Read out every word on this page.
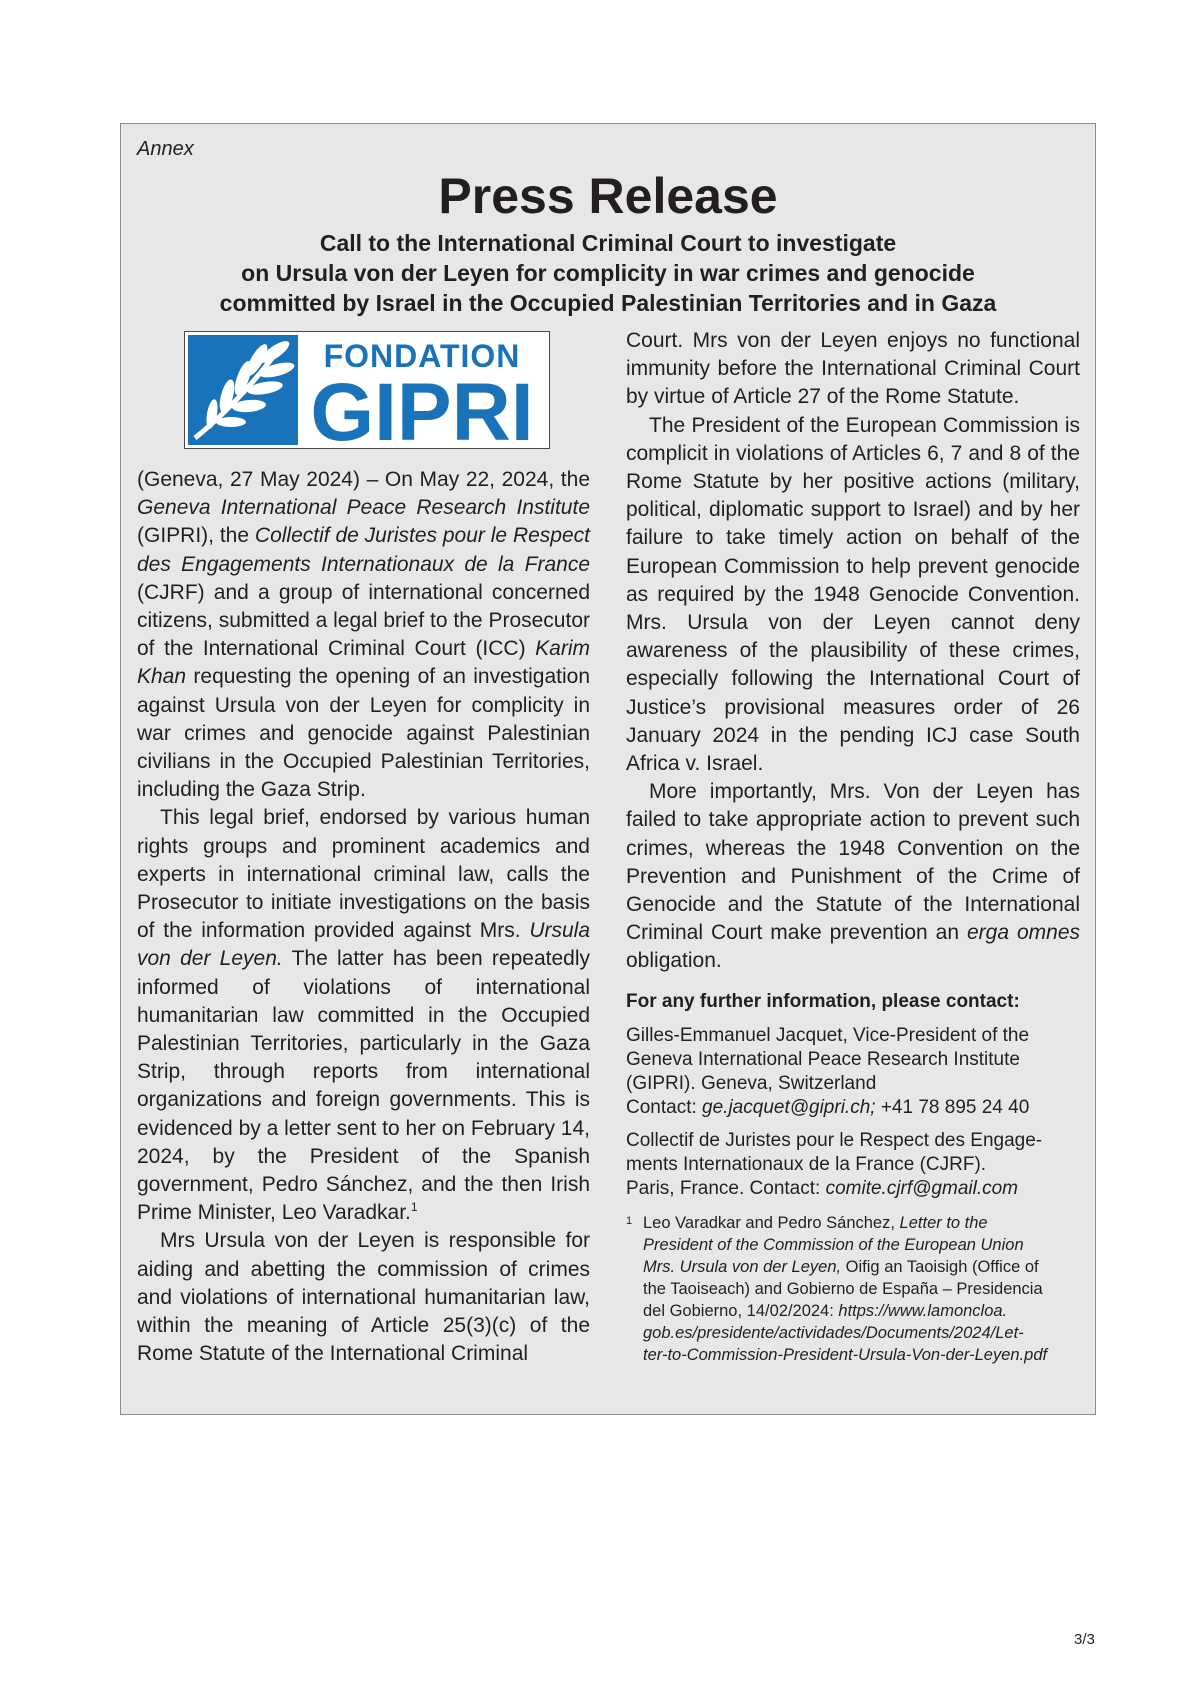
Annex
Press Release
Call to the International Criminal Court to investigate
on Ursula von der Leyen for complicity in war crimes and genocide
committed by Israel in the Occupied Palestinian Territories and in Gaza
FONDATION
GIPRI

(Geneva, 27 May 2024) – On May 22, 2024, the Geneva International Peace Research Institute (GIPRI), the Collectif de Juristes pour le Respect des Engagements Internationaux de la France (CJRF) and a group of international concerned citizens, submitted a legal brief to the Prosecutor of the International Criminal Court (ICC) Karim Khan requesting the opening of an investigation against Ursula von der Leyen for complicity in war crimes and genocide against Palestinian civilians in the Occupied Palestinian Territories, including the Gaza Strip.

This legal brief, endorsed by various human rights groups and prominent academics and experts in international criminal law, calls the Prosecutor to initiate investigations on the basis of the information provided against Mrs. Ursula von der Leyen. The latter has been repeatedly informed of violations of international humanitarian law committed in the Occupied Palestinian Territories, particularly in the Gaza Strip, through reports from international organizations and foreign governments. This is evidenced by a letter sent to her on February 14, 2024, by the President of the Spanish government, Pedro Sánchez, and the then Irish Prime Minister, Leo Varadkar.$^1$

Mrs Ursula von der Leyen is responsible for aiding and abetting the commission of crimes and violations of international humanitarian law, within the meaning of Article 25(3)(c) of the Rome Statute of the International Criminal

Court. Mrs von der Leyen enjoys no functional immunity before the International Criminal Court by virtue of Article 27 of the Rome Statute.

The President of the European Commission is complicit in violations of Articles 6, 7 and 8 of the Rome Statute by her positive actions (military, political, diplomatic support to Israel) and by her failure to take timely action on behalf of the European Commission to help prevent genocide as required by the 1948 Genocide Convention. Mrs. Ursula von der Leyen cannot deny awareness of the plausibility of these crimes, especially following the International Court of Justice’s provisional measures order of 26 January 2024 in the pending ICJ case South Africa v. Israel.

More importantly, Mrs. Von der Leyen has failed to take appropriate action to prevent such crimes, whereas the 1948 Convention on the Prevention and Punishment of the Crime of Genocide and the Statute of the International Criminal Court make prevention an erga omnes obligation.

For any further information, please contact:

Gilles-Emmanuel Jacquet, Vice-President of the
Geneva International Peace Research Institute
(GIPRI). Geneva, Switzerland
Contact: ge.jacquet@gipri.ch; +41 78 895 24 40
Collectif de Juristes pour le Respect des Engage-
ments Internationaux de la France (CJRF).
Paris, France. Contact: comite.cjrf@gmail.com
1 Leo Varadkar and Pedro Sánchez, Letter to the
President of the Commission of the European Union
Mrs. Ursula von der Leyen, Oifig an Taoisigh (Office of
the Taoiseach) and Gobierno de España – Presidencia
del Gobierno, 14/02/2024: https://www.lamoncloa.
gob.es/presidente/actividades/Documents/2024/Let-
ter-to-Commission-President-Ursula-Von-der-Leyen.pdf
3/3
